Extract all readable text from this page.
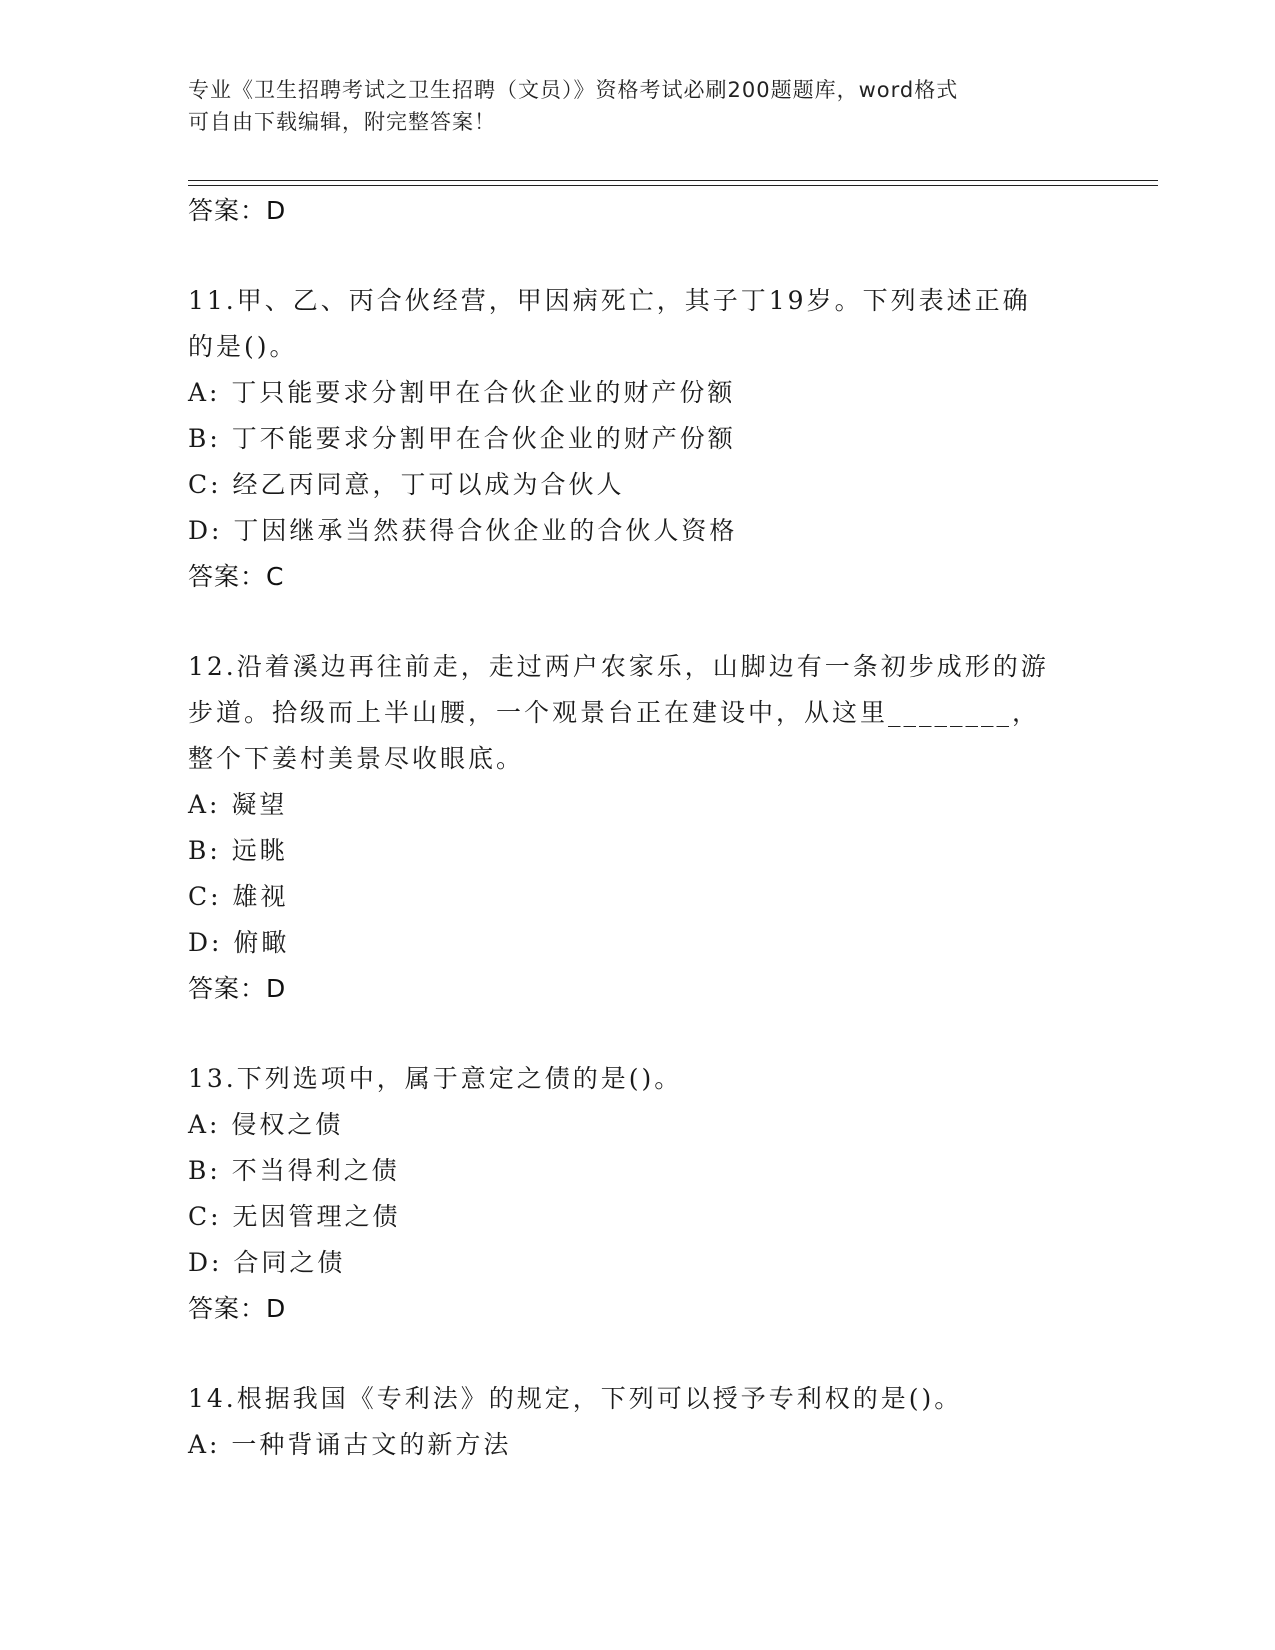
专业《卫生招聘考试之卫生招聘（文员）》资格考试必刷200题题库，word格式
可自由下载编辑，附完整答案！
答案：D
11.甲、乙、丙合伙经营，甲因病死亡，其子丁19岁。下列表述正确
的是()。
A: 丁只能要求分割甲在合伙企业的财产份额
B: 丁不能要求分割甲在合伙企业的财产份额
C: 经乙丙同意，丁可以成为合伙人
D: 丁因继承当然获得合伙企业的合伙人资格
答案：C
12.沿着溪边再往前走，走过两户农家乐，山脚边有一条初步成形的游
步道。拾级而上半山腰，一个观景台正在建设中，从这里________，
整个下姜村美景尽收眼底。
A: 凝望
B: 远眺
C: 雄视
D: 俯瞰
答案：D
13.下列选项中，属于意定之债的是()。
A: 侵权之债
B: 不当得利之债
C: 无因管理之债
D: 合同之债
答案：D
14.根据我国《专利法》的规定，下列可以授予专利权的是()。
A: 一种背诵古文的新方法
